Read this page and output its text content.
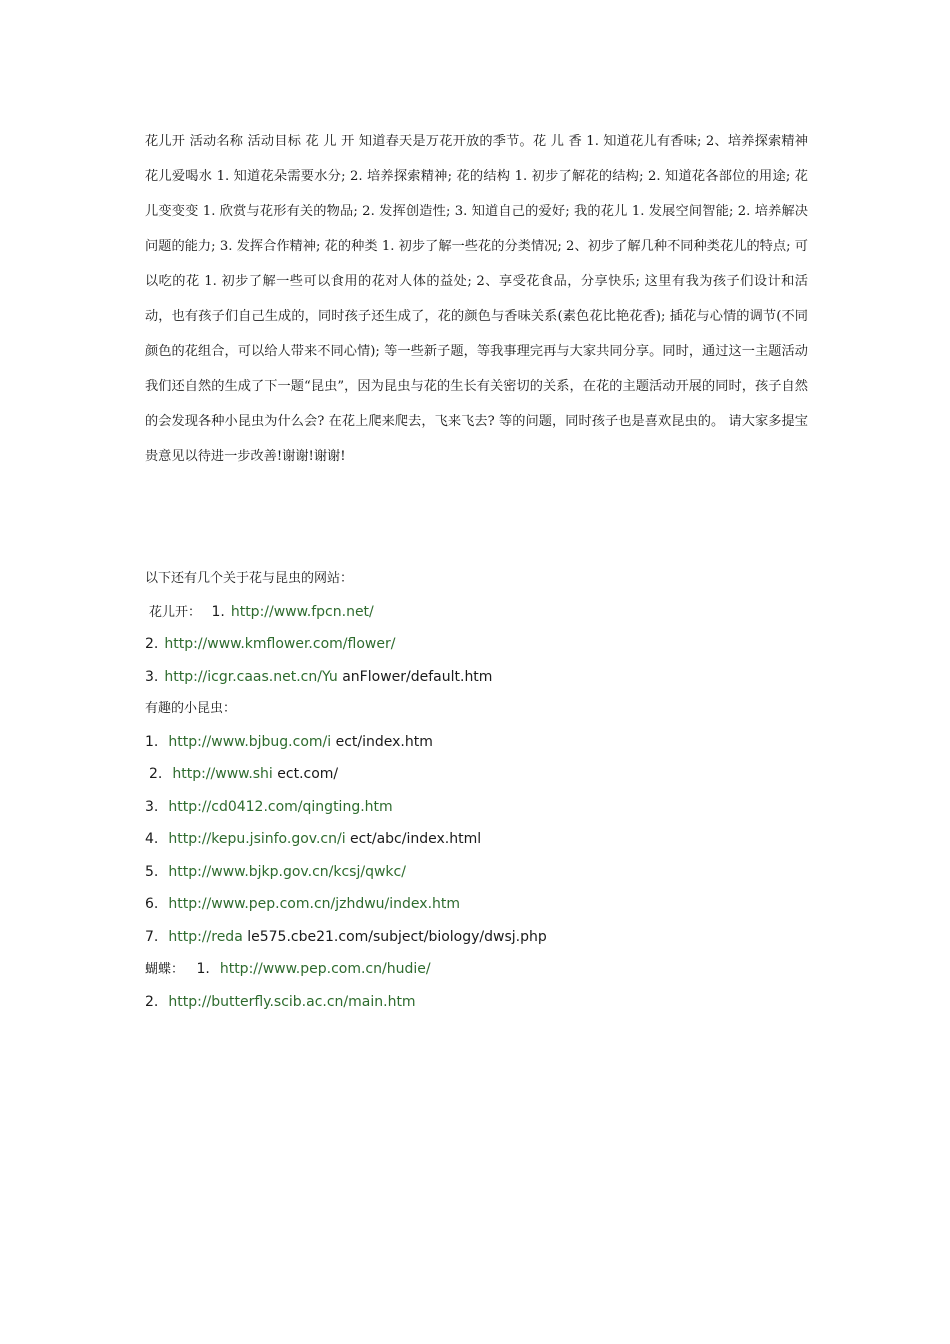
花儿开 活动名称 活动目标 花 儿 开 知道春天是万花开放的季节。花 儿 香 1. 知道花儿有香味; 2、培养探索精神 花儿爱喝水 1. 知道花朵需要水分; 2. 培养探索精神; 花的结构 1. 初步了解花的结构; 2. 知道花各部位的用途; 花儿变变变 1. 欣赏与花形有关的物品; 2. 发挥创造性; 3. 知道自己的爱好; 我的花儿 1. 发展空间智能; 2. 培养解决问题的能力; 3. 发挥合作精神; 花的种类 1. 初步了解一些花的分类情况; 2、初步了解几种不同种类花儿的特点; 可以吃的花 1. 初步了解一些可以食用的花对人体的益处; 2、享受花食品，分享快乐; 这里有我为孩子们设计和活动，也有孩子们自己生成的，同时孩子还生成了，花的颜色与香味关系(素色花比艳花香); 插花与心情的调节(不同颜色的花组合，可以给人带来不同心情); 等一些新子题，等我事理完再与大家共同分享。同时，通过这一主题活动我们还自然的生成了下一题“昆虫”，因为昆虫与花的生长有关密切的关系，在花的主题活动开展的同时，孩子自然的会发现各种小昆虫为什么会? 在花上爬来爬去，飞来飞去? 等的问题，同时孩子也是喜欢昆虫的。 请大家多提宝贵意见以待进一步改善!谢谢!谢谢!

以下还有几个关于花与昆虫的网站：
花儿开： 1. http://www.fpcn.net/
2. http://www.kmflower.com/flower/
3. http://icgr.caas.net.cn/Yu anFlower/default.htm
有趣的小昆虫：
1. http://www.bjbug.com/i ect/index.htm
2. http://www.shi ect.com/
3. http://cd0412.com/qingting.htm
4. http://kepu.jsinfo.gov.cn/i ect/abc/index.html
5. http://www.bjkp.gov.cn/kcsj/qwkc/
6. http://www.pep.com.cn/jzhdwu/index.htm
7. http://reda le575.cbe21.com/subject/biology/dwsj.php
蝴蝶： 1. http://www.pep.com.cn/hudie/
2. http://butterfly.scib.ac.cn/main.htm
